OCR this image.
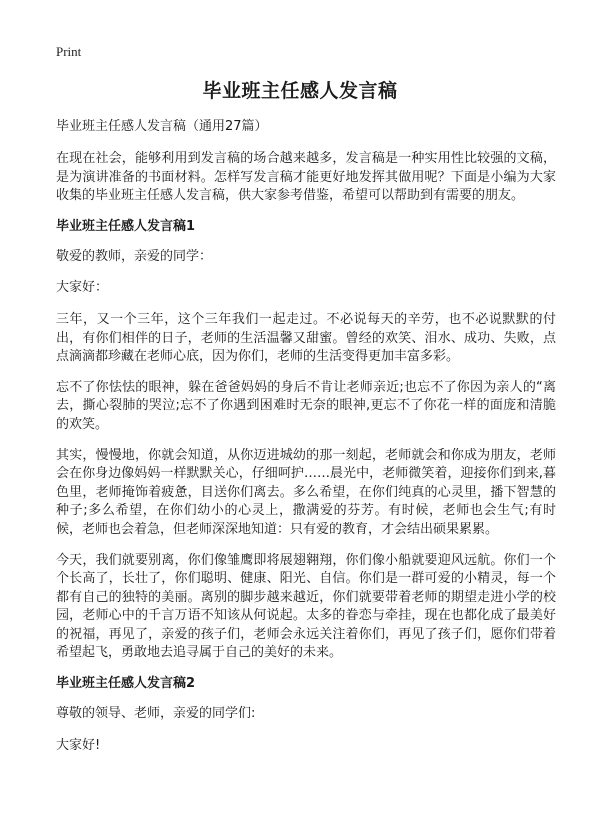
Print
毕业班主任感人发言稿

毕业班主任感人发言稿（通用27篇）

在现在社会，能够利用到发言稿的场合越来越多，发言稿是一种实用性比较强的文稿，是为演讲准备的书面材料。怎样写发言稿才能更好地发挥其做用呢？下面是小编为大家收集的毕业班主任感人发言稿，供大家参考借鉴，希望可以帮助到有需要的朋友。

毕业班主任感人发言稿1

敬爱的教师，亲爱的同学：

大家好：

三年，又一个三年，这个三年我们一起走过。不必说每天的辛劳，也不必说默默的付出，有你们相伴的日子，老师的生活温馨又甜蜜。曾经的欢笑、泪水、成功、失败，点点滴滴都珍藏在老师心底，因为你们，老师的生活变得更加丰富多彩。

忘不了你怯怯的眼神，躲在爸爸妈妈的身后不肯让老师亲近;也忘不了你因为亲人的“离去，撕心裂肺的哭泣;忘不了你遇到困难时无奈的眼神,更忘不了你花一样的面庞和清脆的欢笑。

其实，慢慢地，你就会知道，从你迈进城幼的那一刻起，老师就会和你成为朋友，老师会在你身边像妈妈一样默默关心，仔细呵护……晨光中，老师微笑着，迎接你们到来,暮色里，老师掩饰着疲惫，目送你们离去。多么希望，在你们纯真的心灵里，播下智慧的种子;多么希望，在你们幼小的心灵上，撒满爱的芬芳。有时候，老师也会生气;有时候，老师也会着急，但老师深深地知道：只有爱的教育，才会结出硕果累累。

今天，我们就要别离，你们像雏鹰即将展翅翱翔，你们像小船就要迎风远航。你们一个个长高了，长壮了，你们聪明、健康、阳光、自信。你们是一群可爱的小精灵，每一个都有自己的独特的美丽。离别的脚步越来越近，你们就要带着老师的期望走进小学的校园，老师心中的千言万语不知该从何说起。太多的眷恋与牵挂，现在也都化成了最美好的祝福，再见了，亲爱的孩子们，老师会永远关注着你们，再见了孩子们，愿你们带着希望起飞，勇敢地去追寻属于自己的美好的未来。

毕业班主任感人发言稿2

尊敬的领导、老师，亲爱的同学们:

大家好!
